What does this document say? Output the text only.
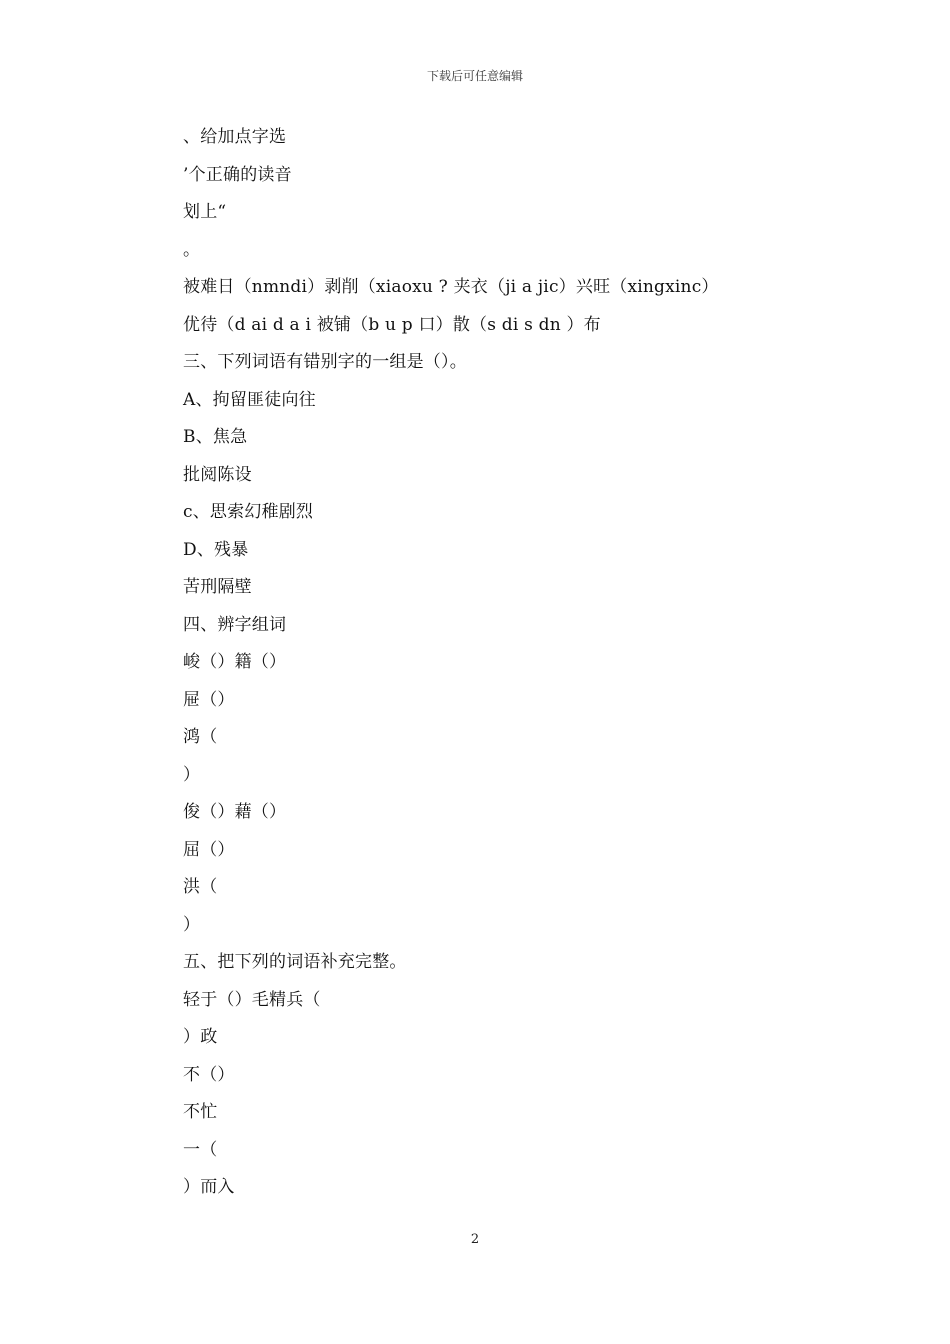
下载后可任意编辑
、给加点字选
’个正确的读音
划上“
。
被难日（nmndi）剥削（xiaoxu ? 夹衣（ji a jic）兴旺（xingxinc）
优待（d ai d a i 被铺（b u p 口）散（s di s dn ）布
三、下列词语有错别字的一组是（）。
A、拘留匪徒向往
B、焦急
批阅陈设
c、思索幻稚剧烈
D、残暴
苦刑隔壁
四、辨字组词
峻（）籍（）
屉（）
鸿（
）
俊（）藉（）
屈（）
洪（
）
五、把下列的词语补充完整。
轻于（）毛精兵（
）政
不（）
不忙
一（
）而入
2
